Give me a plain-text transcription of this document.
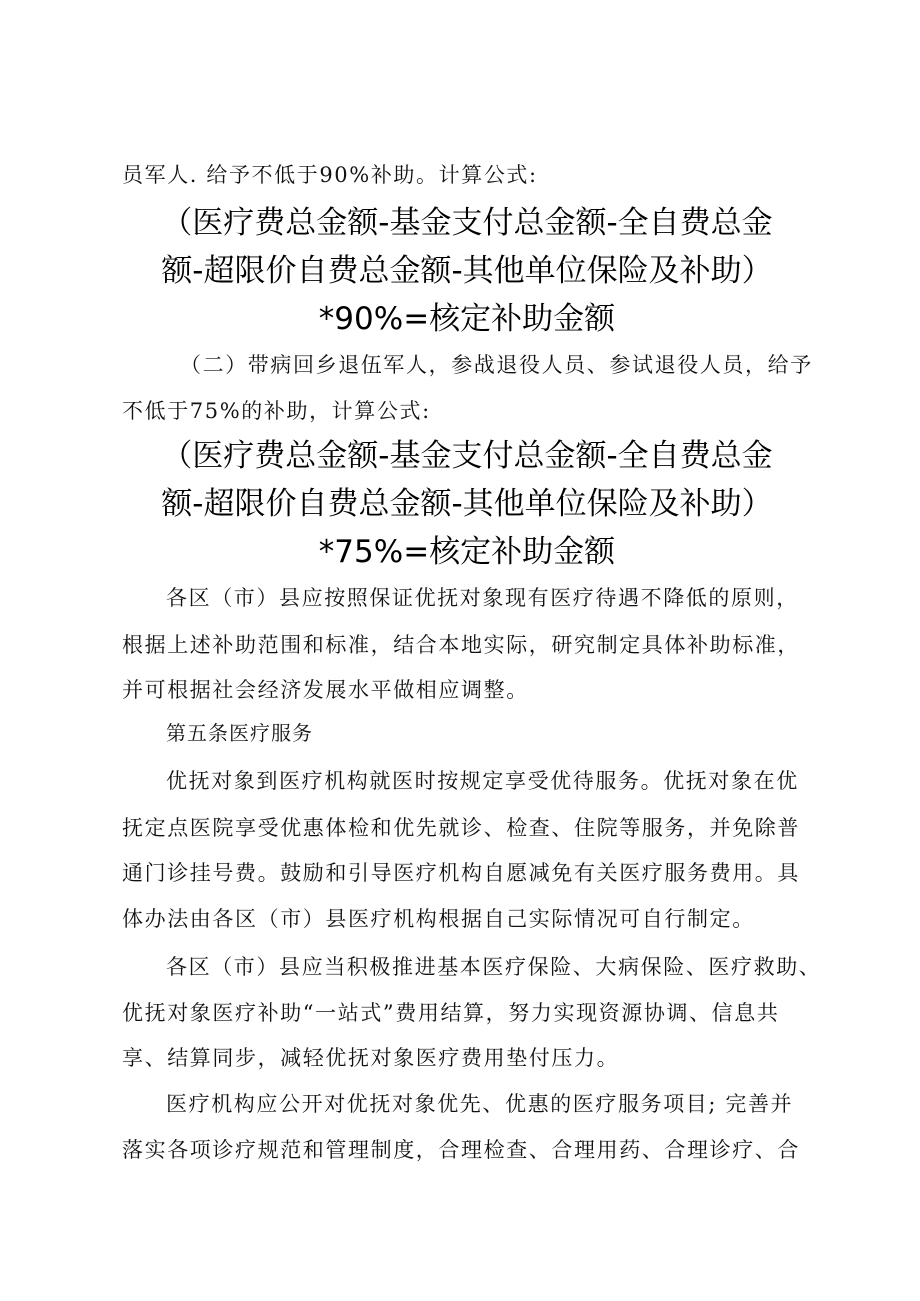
员军人. 给予不低于90%补助。计算公式:
（医疗费总金额-基金支付总金额-全自费总金
额-超限价自费总金额-其他单位保险及补助）
*90%=核定补助金额
（二）带病回乡退伍军人，参战退役人员、参试退役人员，给予
不低于75%的补助，计算公式:
（医疗费总金额-基金支付总金额-全自费总金
额-超限价自费总金额-其他单位保险及补助）
*75%=核定补助金额
各区（市）县应按照保证优抚对象现有医疗待遇不降低的原则，
根据上述补助范围和标准，结合本地实际，研究制定具体补助标准，
并可根据社会经济发展水平做相应调整。
第五条医疗服务
优抚对象到医疗机构就医时按规定享受优待服务。优抚对象在优
抚定点医院享受优惠体检和优先就诊、检查、住院等服务，并免除普
通门诊挂号费。鼓励和引导医疗机构自愿减免有关医疗服务费用。具
体办法由各区（市）县医疗机构根据自己实际情况可自行制定。
各区（市）县应当积极推进基本医疗保险、大病保险、医疗救助、
优抚对象医疗补助“一站式”费用结算，努力实现资源协调、信息共
享、结算同步，减轻优抚对象医疗费用垫付压力。
医疗机构应公开对优抚对象优先、优惠的医疗服务项目; 完善并
落实各项诊疗规范和管理制度，合理检查、合理用药、合理诊疗、合
